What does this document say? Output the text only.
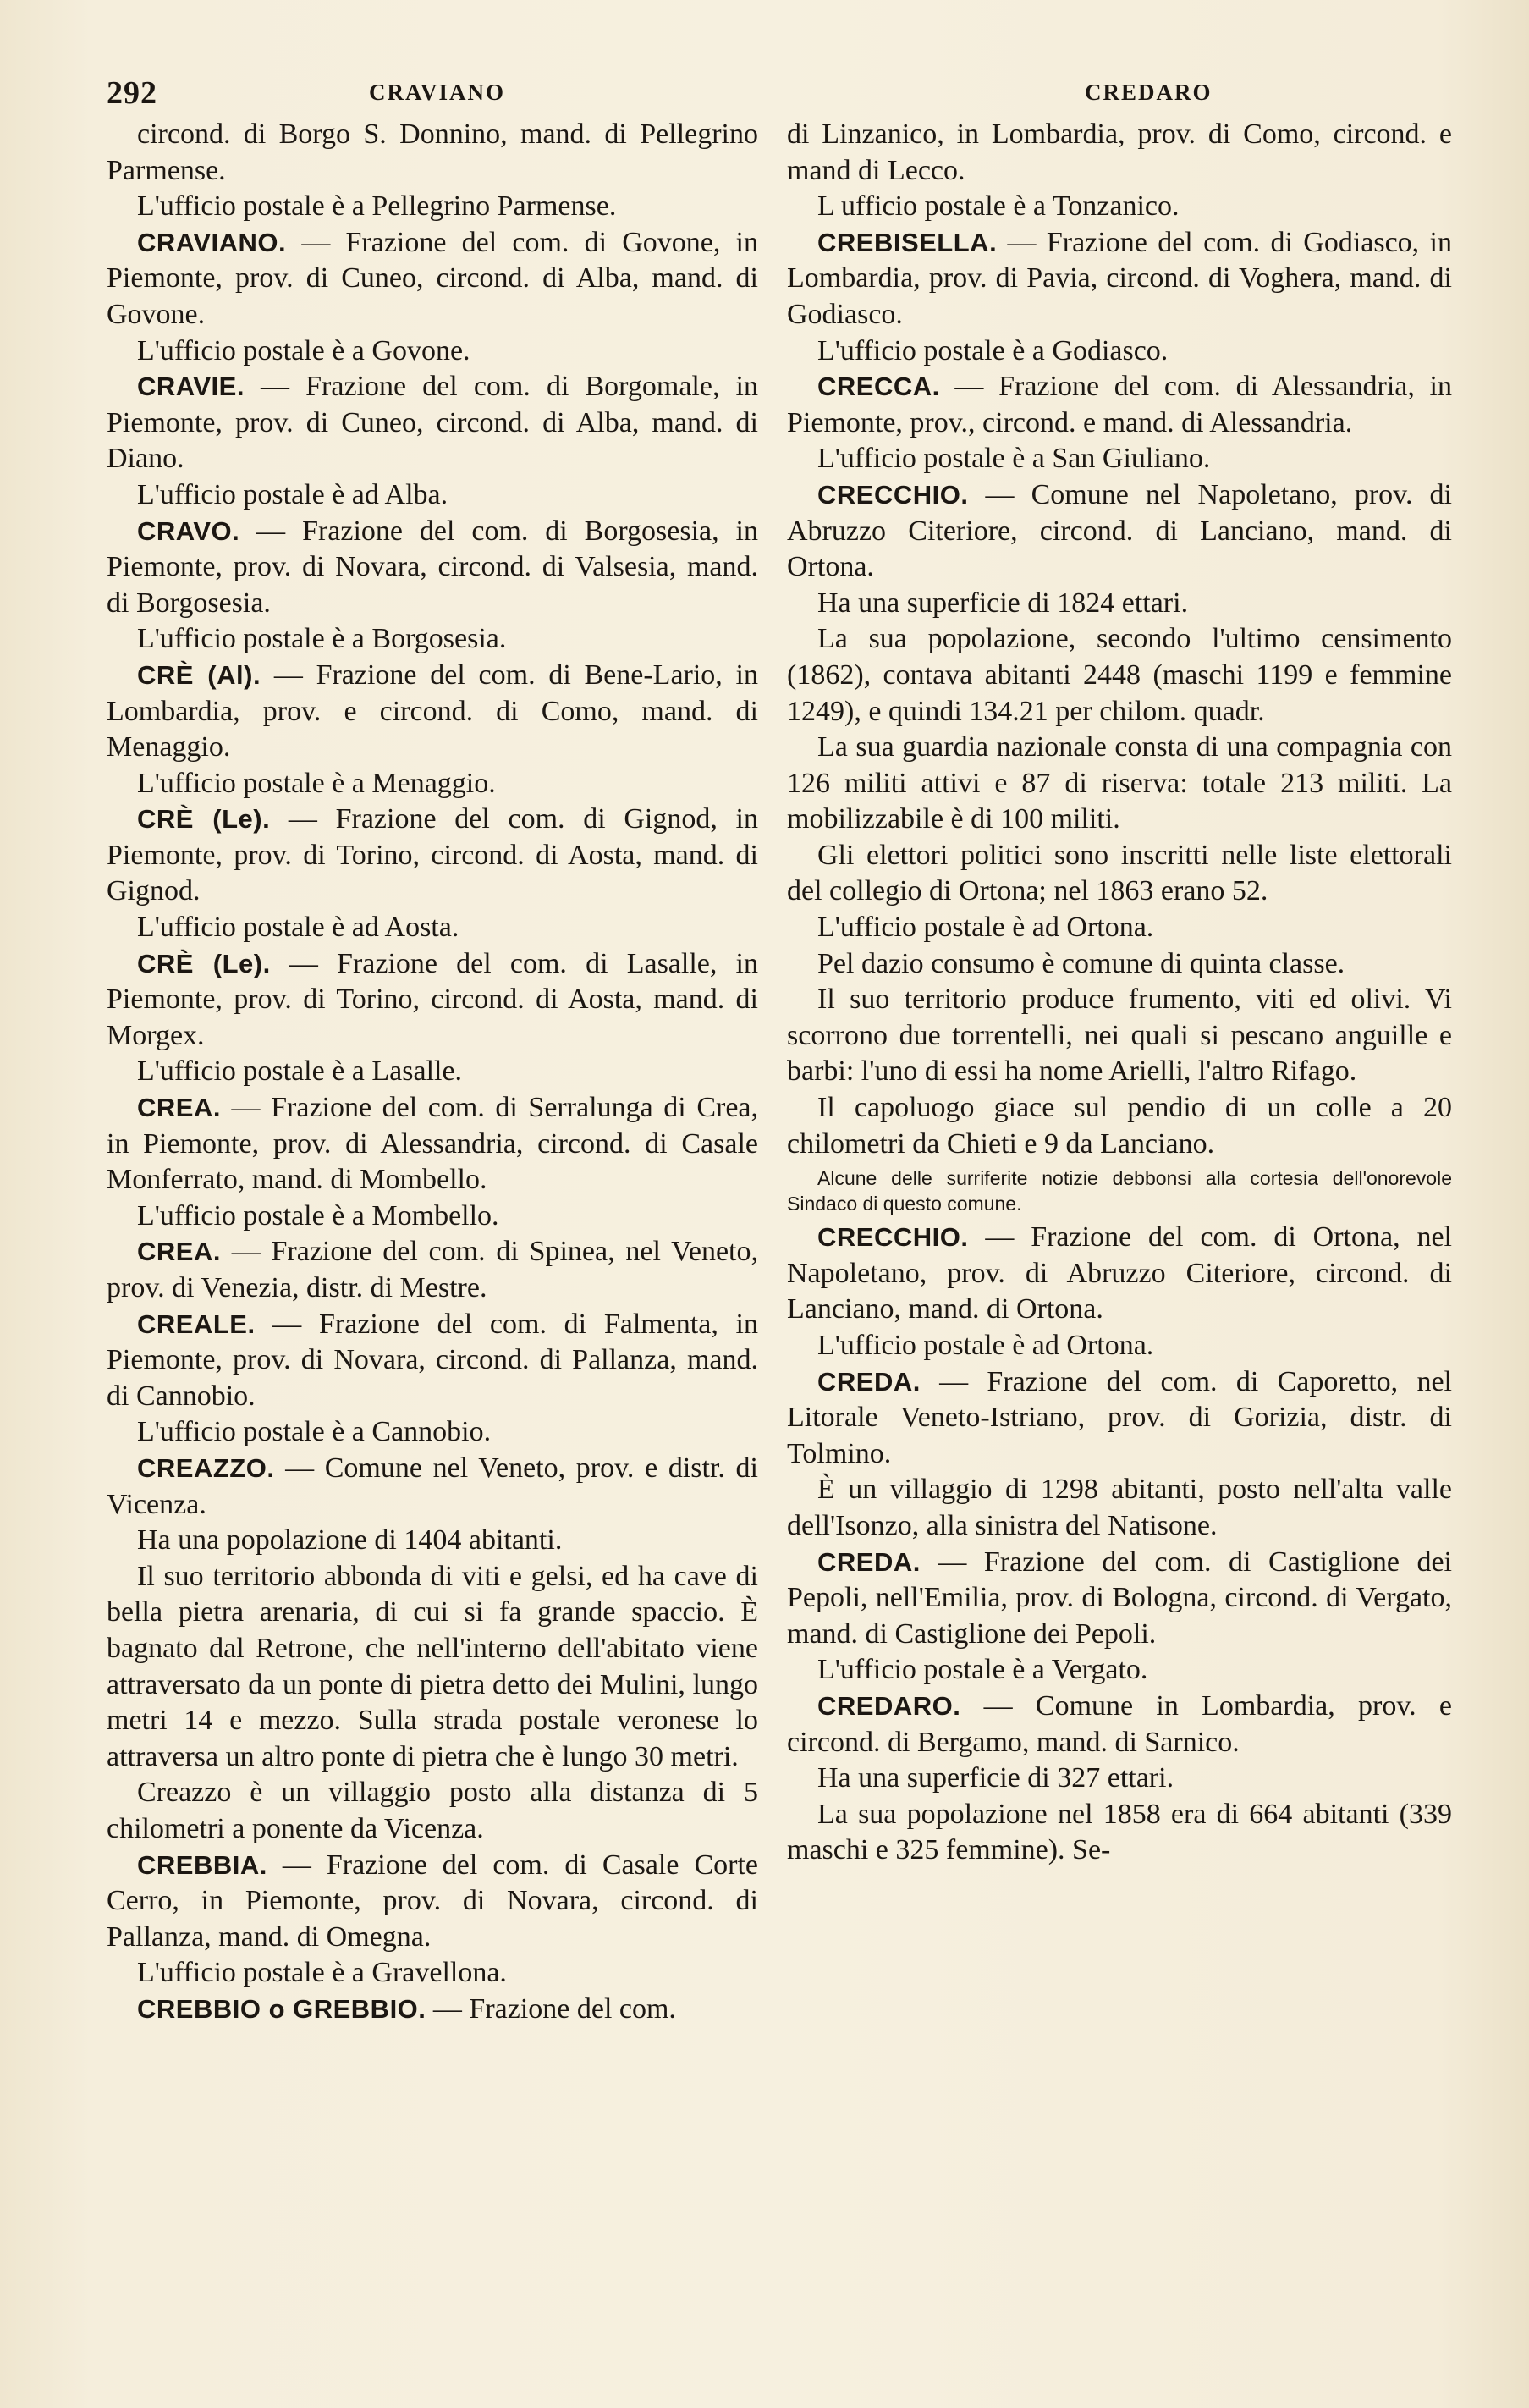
292	CRAVIANO	CREDARO

circond. di Borgo S. Donnino, mand. di Pellegrino Parmense.

L'ufficio postale è a Pellegrino Parmense.

CRAVIANO. — Frazione del com. di Govone, in Piemonte, prov. di Cuneo, circond. di Alba, mand. di Govone.

L'ufficio postale è a Govone.

CRAVIE. — Frazione del com. di Borgomale, in Piemonte, prov. di Cuneo, circond. di Alba, mand. di Diano.

L'ufficio postale è ad Alba.

CRAVO. — Frazione del com. di Borgosesia, in Piemonte, prov. di Novara, circond. di Valsesia, mand. di Borgosesia.

L'ufficio postale è a Borgosesia.

CRÈ (Al). — Frazione del com. di Bene-Lario, in Lombardia, prov. e circond. di Como, mand. di Menaggio.

L'ufficio postale è a Menaggio.

CRÈ (Le). — Frazione del com. di Gignod, in Piemonte, prov. di Torino, circond. di Aosta, mand. di Gignod.

L'ufficio postale è ad Aosta.

CRÈ (Le). — Frazione del com. di Lasalle, in Piemonte, prov. di Torino, circond. di Aosta, mand. di Morgex.

L'ufficio postale è a Lasalle.

CREA. — Frazione del com. di Serralunga di Crea, in Piemonte, prov. di Alessandria, circond. di Casale Monferrato, mand. di Mombello.

L'ufficio postale è a Mombello.

CREA. — Frazione del com. di Spinea, nel Veneto, prov. di Venezia, distr. di Mestre.

CREALE. — Frazione del com. di Falmenta, in Piemonte, prov. di Novara, circond. di Pallanza, mand. di Cannobio.

L'ufficio postale è a Cannobio.

CREAZZO. — Comune nel Veneto, prov. e distr. di Vicenza.

Ha una popolazione di 1404 abitanti.

Il suo territorio abbonda di viti e gelsi, ed ha cave di bella pietra arenaria, di cui si fa grande spaccio. È bagnato dal Retrone, che nell'interno dell'abitato viene attraversato da un ponte di pietra detto dei Mulini, lungo metri 14 e mezzo. Sulla strada postale veronese lo attraversa un altro ponte di pietra che è lungo 30 metri.

Creazzo è un villaggio posto alla distanza di 5 chilometri a ponente da Vicenza.

CREBBIA. — Frazione del com. di Casale Corte Cerro, in Piemonte, prov. di Novara, circond. di Pallanza, mand. di Omegna.

L'ufficio postale è a Gravellona.

CREBBIO o GREBBIO. — Frazione del com.

di Linzanico, in Lombardia, prov. di Como, circond. e mand di Lecco.

L ufficio postale è a Tonzanico.

CREBISELLA. — Frazione del com. di Godiasco, in Lombardia, prov. di Pavia, circond. di Voghera, mand. di Godiasco.

L'ufficio postale è a Godiasco.

CRECCA. — Frazione del com. di Alessandria, in Piemonte, prov., circond. e mand. di Alessandria.

L'ufficio postale è a San Giuliano.

CRECCHIO. — Comune nel Napoletano, prov. di Abruzzo Citeriore, circond. di Lanciano, mand. di Ortona.

Ha una superficie di 1824 ettari.

La sua popolazione, secondo l'ultimo censimento (1862), contava abitanti 2448 (maschi 1199 e femmine 1249), e quindi 134.21 per chilom. quadr.

La sua guardia nazionale consta di una compagnia con 126 militi attivi e 87 di riserva: totale 213 militi. La mobilizzabile è di 100 militi.

Gli elettori politici sono inscritti nelle liste elettorali del collegio di Ortona; nel 1863 erano 52.

L'ufficio postale è ad Ortona.

Pel dazio consumo è comune di quinta classe.

Il suo territorio produce frumento, viti ed olivi. Vi scorrono due torrentelli, nei quali si pescano anguille e barbi: l'uno di essi ha nome Arielli, l'altro Rifago.

Il capoluogo giace sul pendio di un colle a 20 chilometri da Chieti e 9 da Lanciano.

Alcune delle surriferite notizie debbonsi alla cortesia dell'onorevole Sindaco di questo comune.

CRECCHIO. — Frazione del com. di Ortona, nel Napoletano, prov. di Abruzzo Citeriore, circond. di Lanciano, mand. di Ortona.

L'ufficio postale è ad Ortona.

CREDA. — Frazione del com. di Caporetto, nel Litorale Veneto-Istriano, prov. di Gorizia, distr. di Tolmino.

È un villaggio di 1298 abitanti, posto nell'alta valle dell'Isonzo, alla sinistra del Natisone.

CREDA. — Frazione del com. di Castiglione dei Pepoli, nell'Emilia, prov. di Bologna, circond. di Vergato, mand. di Castiglione dei Pepoli.

L'ufficio postale è a Vergato.

CREDARO. — Comune in Lombardia, prov. e circond. di Bergamo, mand. di Sarnico.

Ha una superficie di 327 ettari.

La sua popolazione nel 1858 era di 664 abitanti (339 maschi e 325 femmine). Se-
